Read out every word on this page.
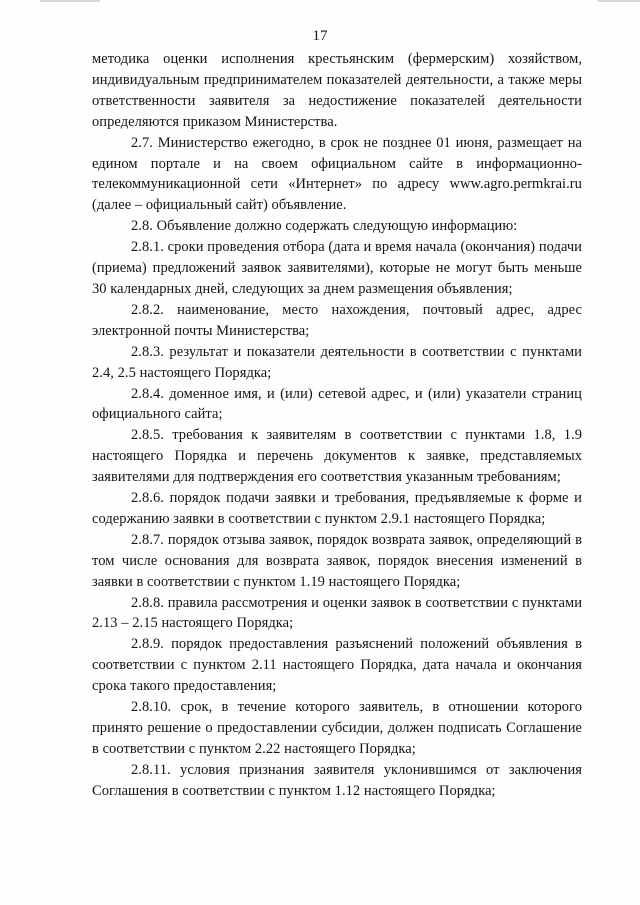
17

методика оценки исполнения крестьянским (фермерским) хозяйством, индивидуальным предпринимателем показателей деятельности, а также меры ответственности заявителя за недостижение показателей деятельности определяются приказом Министерства.

2.7. Министерство ежегодно, в срок не позднее 01 июня, размещает на едином портале и на своем официальном сайте в информационно-телекоммуникационной сети «Интернет» по адресу www.agro.permkrai.ru (далее – официальный сайт) объявление.

2.8. Объявление должно содержать следующую информацию:

2.8.1. сроки проведения отбора (дата и время начала (окончания) подачи (приема) предложений заявок заявителями), которые не могут быть меньше 30 календарных дней, следующих за днем размещения объявления;

2.8.2. наименование, место нахождения, почтовый адрес, адрес электронной почты Министерства;

2.8.3. результат и показатели деятельности в соответствии с пунктами 2.4, 2.5 настоящего Порядка;

2.8.4. доменное имя, и (или) сетевой адрес, и (или) указатели страниц официального сайта;

2.8.5. требования к заявителям в соответствии с пунктами 1.8, 1.9 настоящего Порядка и перечень документов к заявке, представляемых заявителями для подтверждения его соответствия указанным требованиям;

2.8.6. порядок подачи заявки и требования, предъявляемые к форме и содержанию заявки в соответствии с пунктом 2.9.1 настоящего Порядка;

2.8.7. порядок отзыва заявок, порядок возврата заявок, определяющий в том числе основания для возврата заявок, порядок внесения изменений в заявки в соответствии с пунктом 1.19 настоящего Порядка;

2.8.8. правила рассмотрения и оценки заявок в соответствии с пунктами 2.13 – 2.15 настоящего Порядка;

2.8.9. порядок предоставления разъяснений положений объявления в соответствии с пунктом 2.11 настоящего Порядка, дата начала и окончания срока такого предоставления;

2.8.10. срок, в течение которого заявитель, в отношении которого принято решение о предоставлении субсидии, должен подписать Соглашение в соответствии с пунктом 2.22 настоящего Порядка;

2.8.11. условия признания заявителя уклонившимся от заключения Соглашения в соответствии с пунктом 1.12 настоящего Порядка;
